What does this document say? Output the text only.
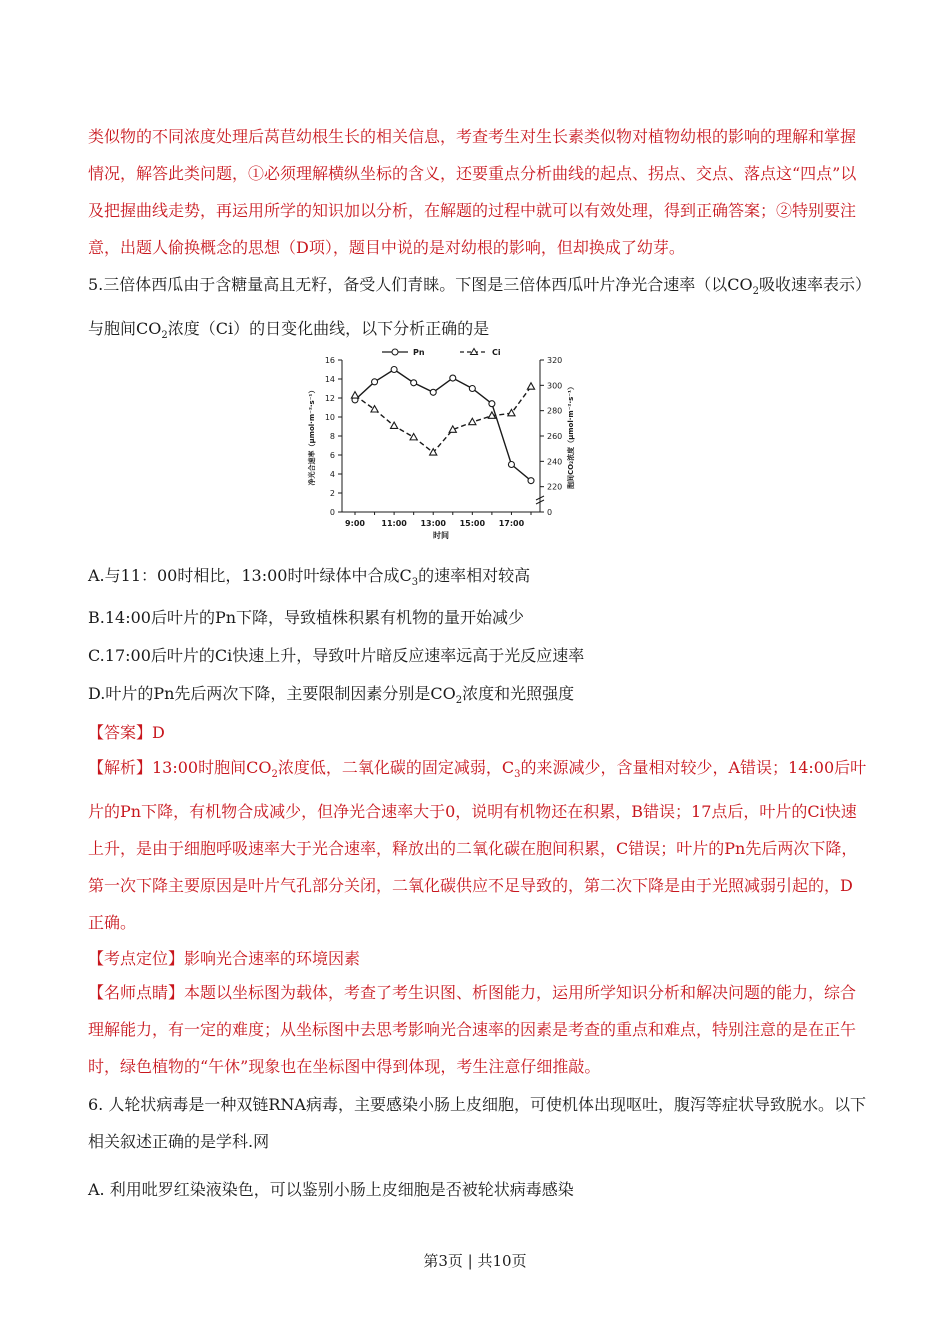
类似物的不同浓度处理后莴苣幼根生长的相关信息，考查考生对生长素类似物对植物幼根的影响的理解和掌握情况，解答此类问题，①必须理解横纵坐标的含义，还要重点分析曲线的起点、拐点、交点、落点这“四点”以及把握曲线走势，再运用所学的知识加以分析，在解题的过程中就可以有效处理，得到正确答案；②特别要注意，出题人偷换概念的思想（D项），题目中说的是对幼根的影响，但却换成了幼芽。

5.三倍体西瓜由于含糖量高且无籽，备受人们青睐。下图是三倍体西瓜叶片净光合速率（以$CO_2$吸收速率表示）与胞间$CO_2$浓度（Ci）的日变化曲线，以下分析正确的是

0
2
4
6
8
10
12
14
16
0
220
240
260
280
300
320
9:00 11:00 13:00 15:00 17:00
时间
净光合速率（μmol·m⁻²·s⁻¹）	胞间CO₂浓度（μmol·m⁻²·s⁻¹）
Pn	Ci

A.与11：00时相比，13:00时叶绿体中合成$C_3$的速率相对较高

B.14:00后叶片的Pn下降，导致植株积累有机物的量开始减少

C.17:00后叶片的Ci快速上升，导致叶片暗反应速率远高于光反应速率

D.叶片的Pn先后两次下降，主要限制因素分别是$CO_2$浓度和光照强度

【答案】D

【解析】13:00时胞间$CO_2$浓度低，二氧化碳的固定减弱，$C_3$的来源减少，含量相对较少，A错误；14:00后叶片的Pn下降，有机物合成减少，但净光合速率大于0，说明有机物还在积累，B错误；17点后，叶片的Ci快速上升，是由于细胞呼吸速率大于光合速率，释放出的二氧化碳在胞间积累，C错误；叶片的Pn先后两次下降，第一次下降主要原因是叶片气孔部分关闭，二氧化碳供应不足导致的，第二次下降是由于光照减弱引起的，D正确。

【考点定位】影响光合速率的环境因素

【名师点睛】本题以坐标图为载体，考查了考生识图、析图能力，运用所学知识分析和解决问题的能力，综合理解能力，有一定的难度；从坐标图中去思考影响光合速率的因素是考查的重点和难点，特别注意的是在正午时，绿色植物的“午休”现象也在坐标图中得到体现，考生注意仔细推敲。

6. 人轮状病毒是一种双链RNA病毒，主要感染小肠上皮细胞，可使机体出现呕吐，腹泻等症状导致脱水。以下相关叙述正确的是学科.网

A. 利用吡罗红染液染色，可以鉴别小肠上皮细胞是否被轮状病毒感染

第3页 | 共10页
